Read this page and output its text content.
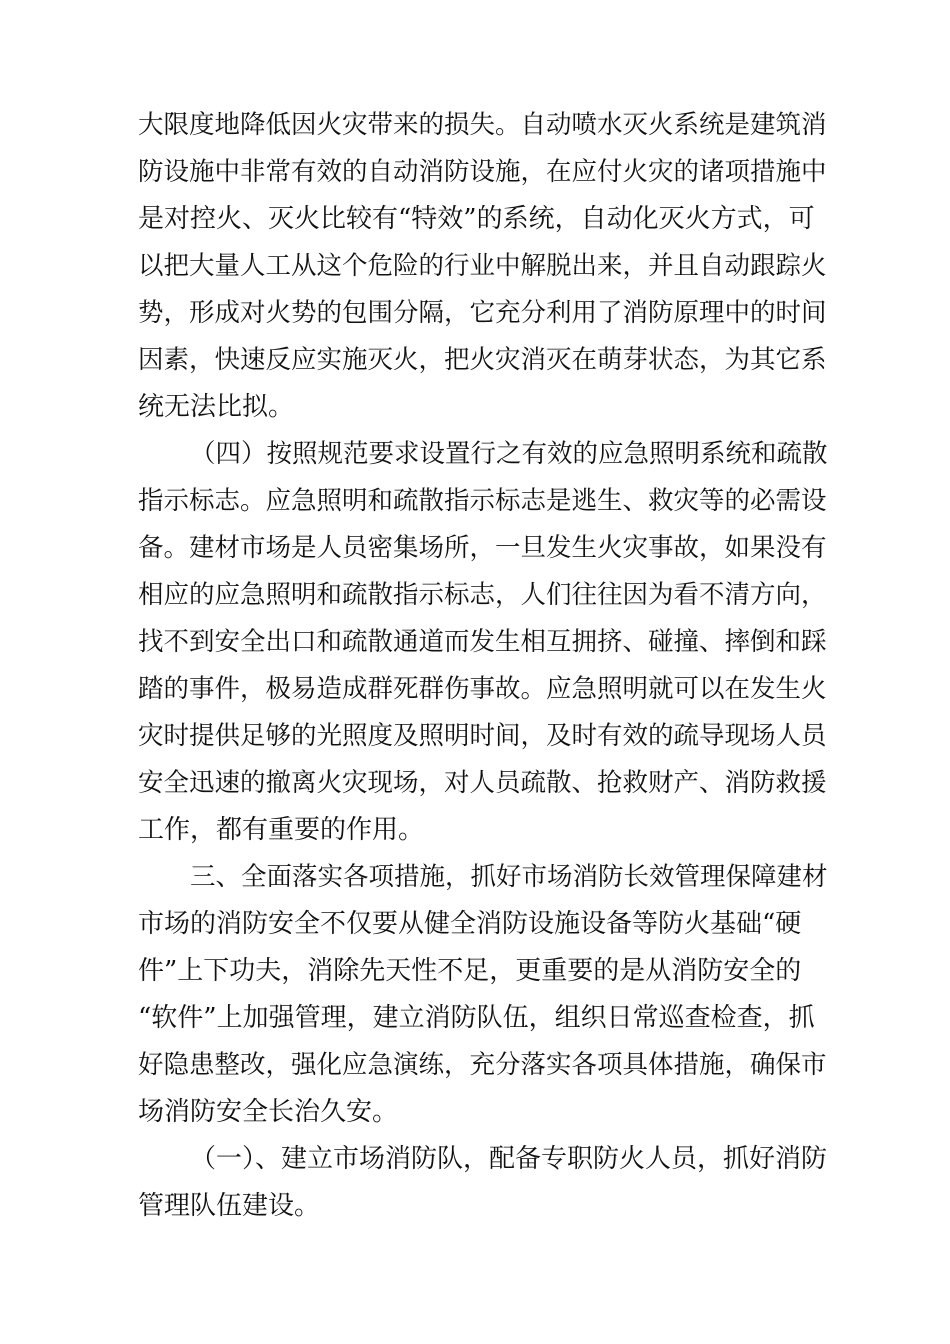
大限度地降低因火灾带来的损失。自动喷水灭火系统是建筑消
防设施中非常有效的自动消防设施，在应付火灾的诸项措施中
是对控火、灭火比较有“特效”的系统，自动化灭火方式，可
以把大量人工从这个危险的行业中解脱出来，并且自动跟踪火
势，形成对火势的包围分隔，它充分利用了消防原理中的时间
因素，快速反应实施灭火，把火灾消灭在萌芽状态，为其它系
统无法比拟。
（四）按照规范要求设置行之有效的应急照明系统和疏散
指示标志。应急照明和疏散指示标志是逃生、救灾等的必需设
备。建材市场是人员密集场所，一旦发生火灾事故，如果没有
相应的应急照明和疏散指示标志，人们往往因为看不清方向，
找不到安全出口和疏散通道而发生相互拥挤、碰撞、摔倒和踩
踏的事件，极易造成群死群伤事故。应急照明就可以在发生火
灾时提供足够的光照度及照明时间，及时有效的疏导现场人员
安全迅速的撤离火灾现场，对人员疏散、抢救财产、消防救援
工作，都有重要的作用。
三、全面落实各项措施，抓好市场消防长效管理保障建材
市场的消防安全不仅要从健全消防设施设备等防火基础“硬
件”上下功夫，消除先天性不足，更重要的是从消防安全的
“软件”上加强管理，建立消防队伍，组织日常巡查检查，抓
好隐患整改，强化应急演练，充分落实各项具体措施，确保市
场消防安全长治久安。
（一）、建立市场消防队，配备专职防火人员，抓好消防
管理队伍建设。
